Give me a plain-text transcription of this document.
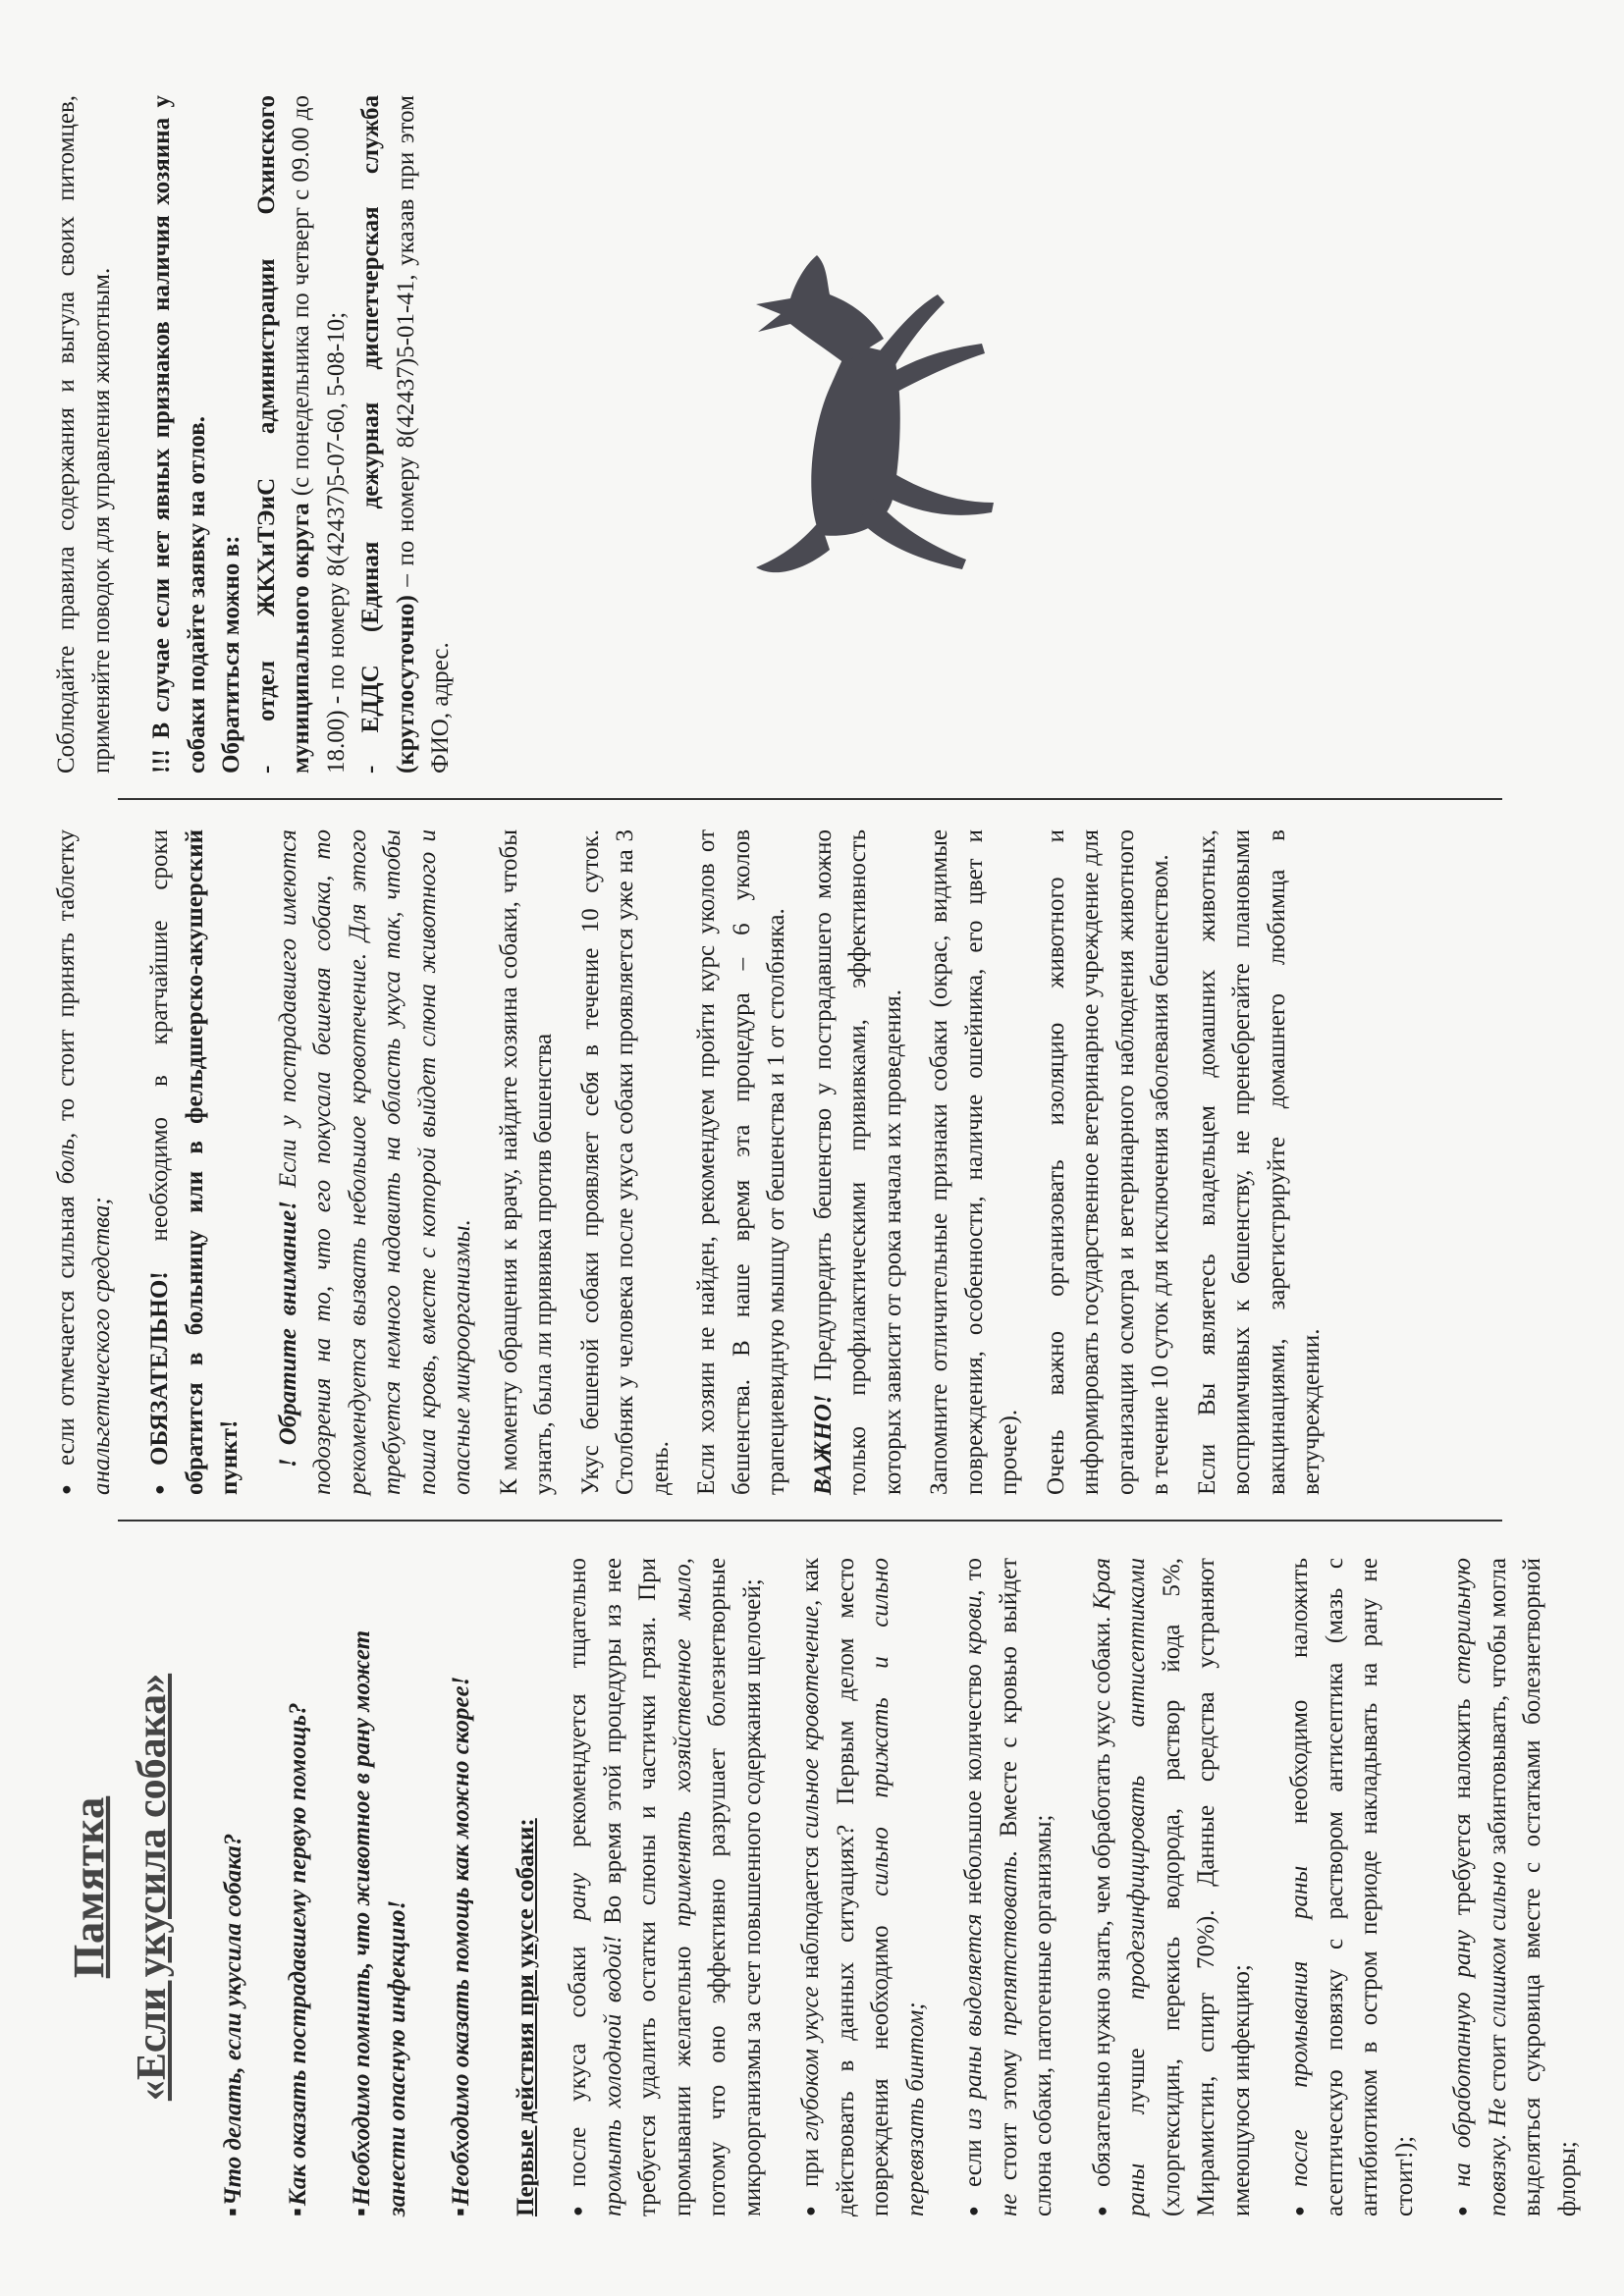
Памятка «Если укусила собака»	▪ Что делать, если укусила собака? ▪ Как оказать пострадавшему первую помощь? ▪ Необходимо помнить, что животное в рану может занести опасную инфекцию! ▪ Необходимо оказать помощь как можно скорее! Первые действия при укусе собаки: ● после укуса собаки рану рекомендуется тщательно промыть холодной водой! Во время этой процедуры из нее требуется удалить остатки слюны и частички грязи. При промывании желательно применять хозяйственное мыло, потому что оно эффективно разрушает болезнетворные микроорганизмы за счет повышенного содержания щелочей; ● при глубоком укусе наблюдается сильное кровотечение, как действовать в данных ситуациях? Первым делом место повреждения необходимо сильно прижать и сильно перевязать бинтом; ● если из раны выделяется небольшое количество крови, то не стоит этому препятствовать. Вместе с кровью выйдет слюна собаки, патогенные организмы; ● обязательно нужно знать, чем обработать укус собаки. Края раны лучше продезинфицировать антисептиками (хлоргексидин, перекись водорода, раствор йода 5%, Мирамистин, спирт 70%). Данные средства устраняют имеющуюся инфекцию; ● после промывания раны необходимо наложить асептическую повязку с раствором антисептика (мазь с антибиотиком в остром периоде накладывать на рану не стоит!); ● на обработанную рану требуется наложить стерильную повязку. Не стоит слишком сильно забинтовывать, чтобы могла выделяться сукровица вместе с остатками болезнетворной флоры;

● если отмечается сильная боль, то стоит принять таблетку анальгетического средства; ● ОБЯЗАТЕЛЬНО! необходимо в кратчайшие сроки обратится в больницу или в фельдшерско-акушерский пункт! ! Обратите внимание! Если у пострадавшего имеются подозрения на то, что его покусала бешеная собака, то рекомендуется вызвать небольшое кровотечение. Для этого требуется немного надавить на область укуса так, чтобы пошла кровь, вместе с которой выйдет слюна животного и опасные микроорганизмы. К моменту обращения к врачу, найдите хозяина собаки, чтобы узнать, была ли прививка против бешенства Укус бешеной собаки проявляет себя в течение 10 суток. Столбняк у человека после укуса собаки проявляется уже на 3 день. Если хозяин не найден, рекомендуем пройти курс уколов от бешенства. В наше время эта процедура – 6 уколов трапециевидную мышцу от бешенства и 1 от столбняка. ВАЖНО! Предупредить бешенство у пострадавшего можно только профилактическими прививками, эффективность которых зависит от срока начала их проведения. Запомните отличительные признаки собаки (окрас, видимые повреждения, особенности, наличие ошейника, его цвет и прочее). Очень важно организовать изоляцию животного и информировать государственное ветеринарное учреждение для организации осмотра и ветеринарного наблюдения животного в течение 10 суток для исключения заболевания бешенством. Если Вы являетесь владельцем домашних животных, восприимчивых к бешенству, не пренебрегайте плановыми вакцинациями, зарегистрируйте домашнего любимца в ветучреждении.

Соблюдайте правила содержания и выгула своих питомцев, применяйте поводок для управления животным. !!! В случае если нет явных признаков наличия хозяина у собаки подайте заявку на отлов. Обратиться можно в: - отдел ЖКХиТЭиС администрации Охинского муниципального округа (с понедельника по четверг с 09.00 до 18.00) - по номеру 8(42437)5-07-60, 5-08-10; - ЕДДС (Единая дежурная диспетчерская служба (круглосуточно) – по номеру 8(42437)5-01-41, указав при этом ФИО, адрес.
